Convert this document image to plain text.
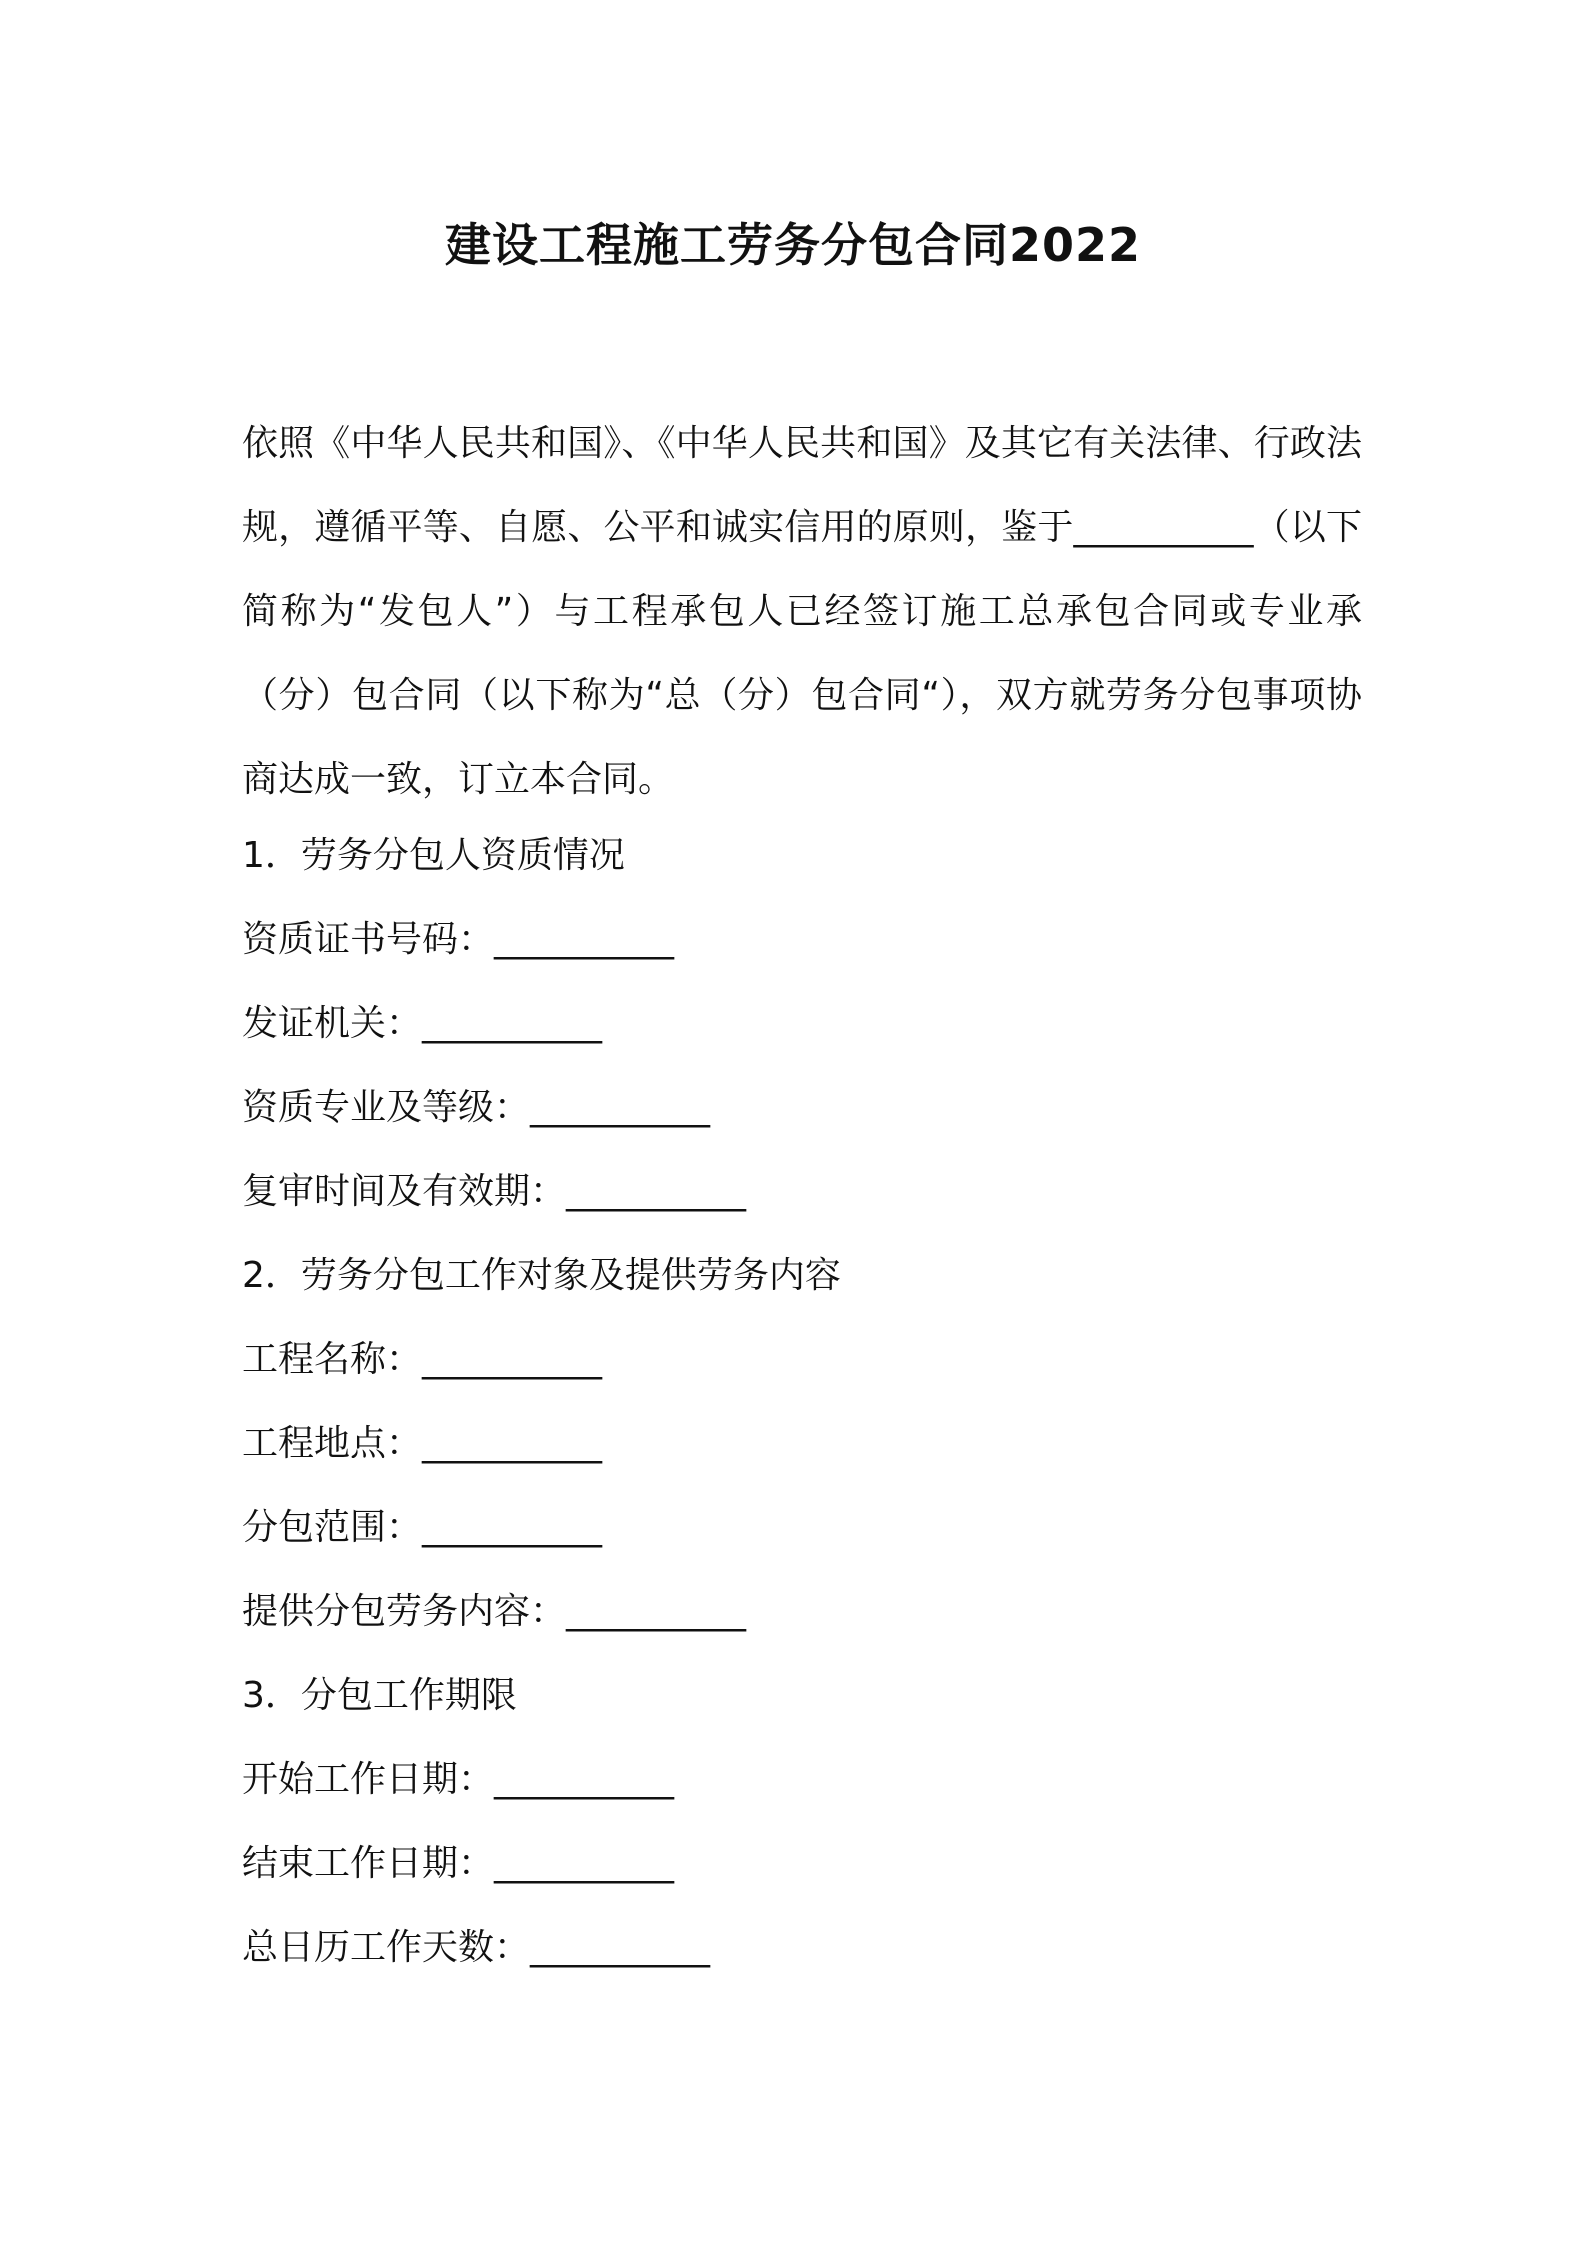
建设工程施工劳务分包合同2022

依照《中华人民共和国》、《中华人民共和国》及其它有关法律、行政法规，遵循平等、自愿、公平和诚实信用的原则，鉴于__________（以下简称为“发包人”）与工程承包人已经签订施工总承包合同或专业承（分）包合同（以下称为“总（分）包合同“），双方就劳务分包事项协商达成一致，订立本合同。

1．劳务分包人资质情况
资质证书号码：__________
发证机关：__________
资质专业及等级：__________
复审时间及有效期：__________
2．劳务分包工作对象及提供劳务内容
工程名称：__________
工程地点：__________
分包范围：__________
提供分包劳务内容：__________
3．分包工作期限
开始工作日期：__________
结束工作日期：__________
总日历工作天数：__________
